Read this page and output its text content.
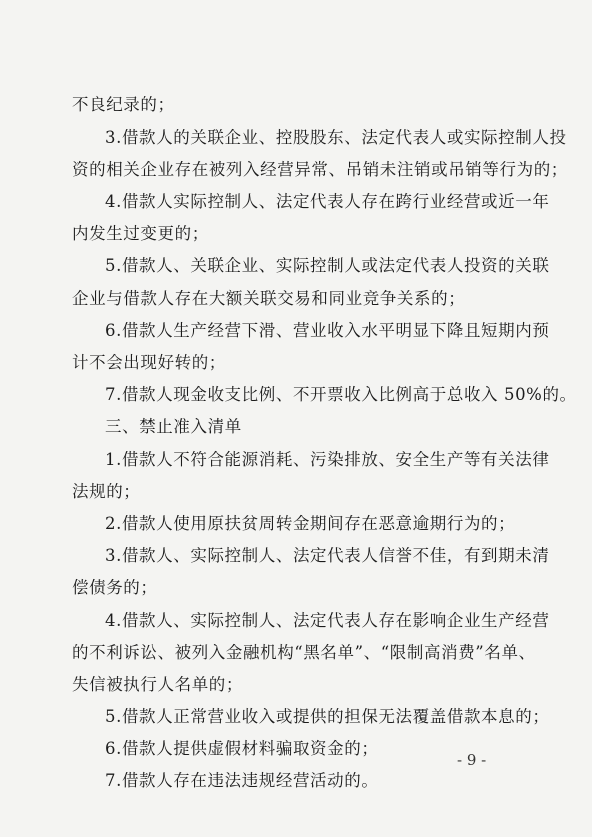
不良纪录的；
3.借款人的关联企业、控股股东、法定代表人或实际控制人投
资的相关企业存在被列入经营异常、吊销未注销或吊销等行为的；
4.借款人实际控制人、法定代表人存在跨行业经营或近一年
内发生过变更的；
5.借款人、关联企业、实际控制人或法定代表人投资的关联
企业与借款人存在大额关联交易和同业竞争关系的；
6.借款人生产经营下滑、营业收入水平明显下降且短期内预
计不会出现好转的；
7.借款人现金收支比例、不开票收入比例高于总收入 50%的。
三、禁止准入清单
1.借款人不符合能源消耗、污染排放、安全生产等有关法律
法规的；
2.借款人使用原扶贫周转金期间存在恶意逾期行为的；
3.借款人、实际控制人、法定代表人信誉不佳，有到期未清
偿债务的；
4.借款人、实际控制人、法定代表人存在影响企业生产经营
的不利诉讼、被列入金融机构“黑名单”、“限制高消费”名单、
失信被执行人名单的；
5.借款人正常营业收入或提供的担保无法覆盖借款本息的；
6.借款人提供虚假材料骗取资金的；
7.借款人存在违法违规经营活动的。
- 9 -
